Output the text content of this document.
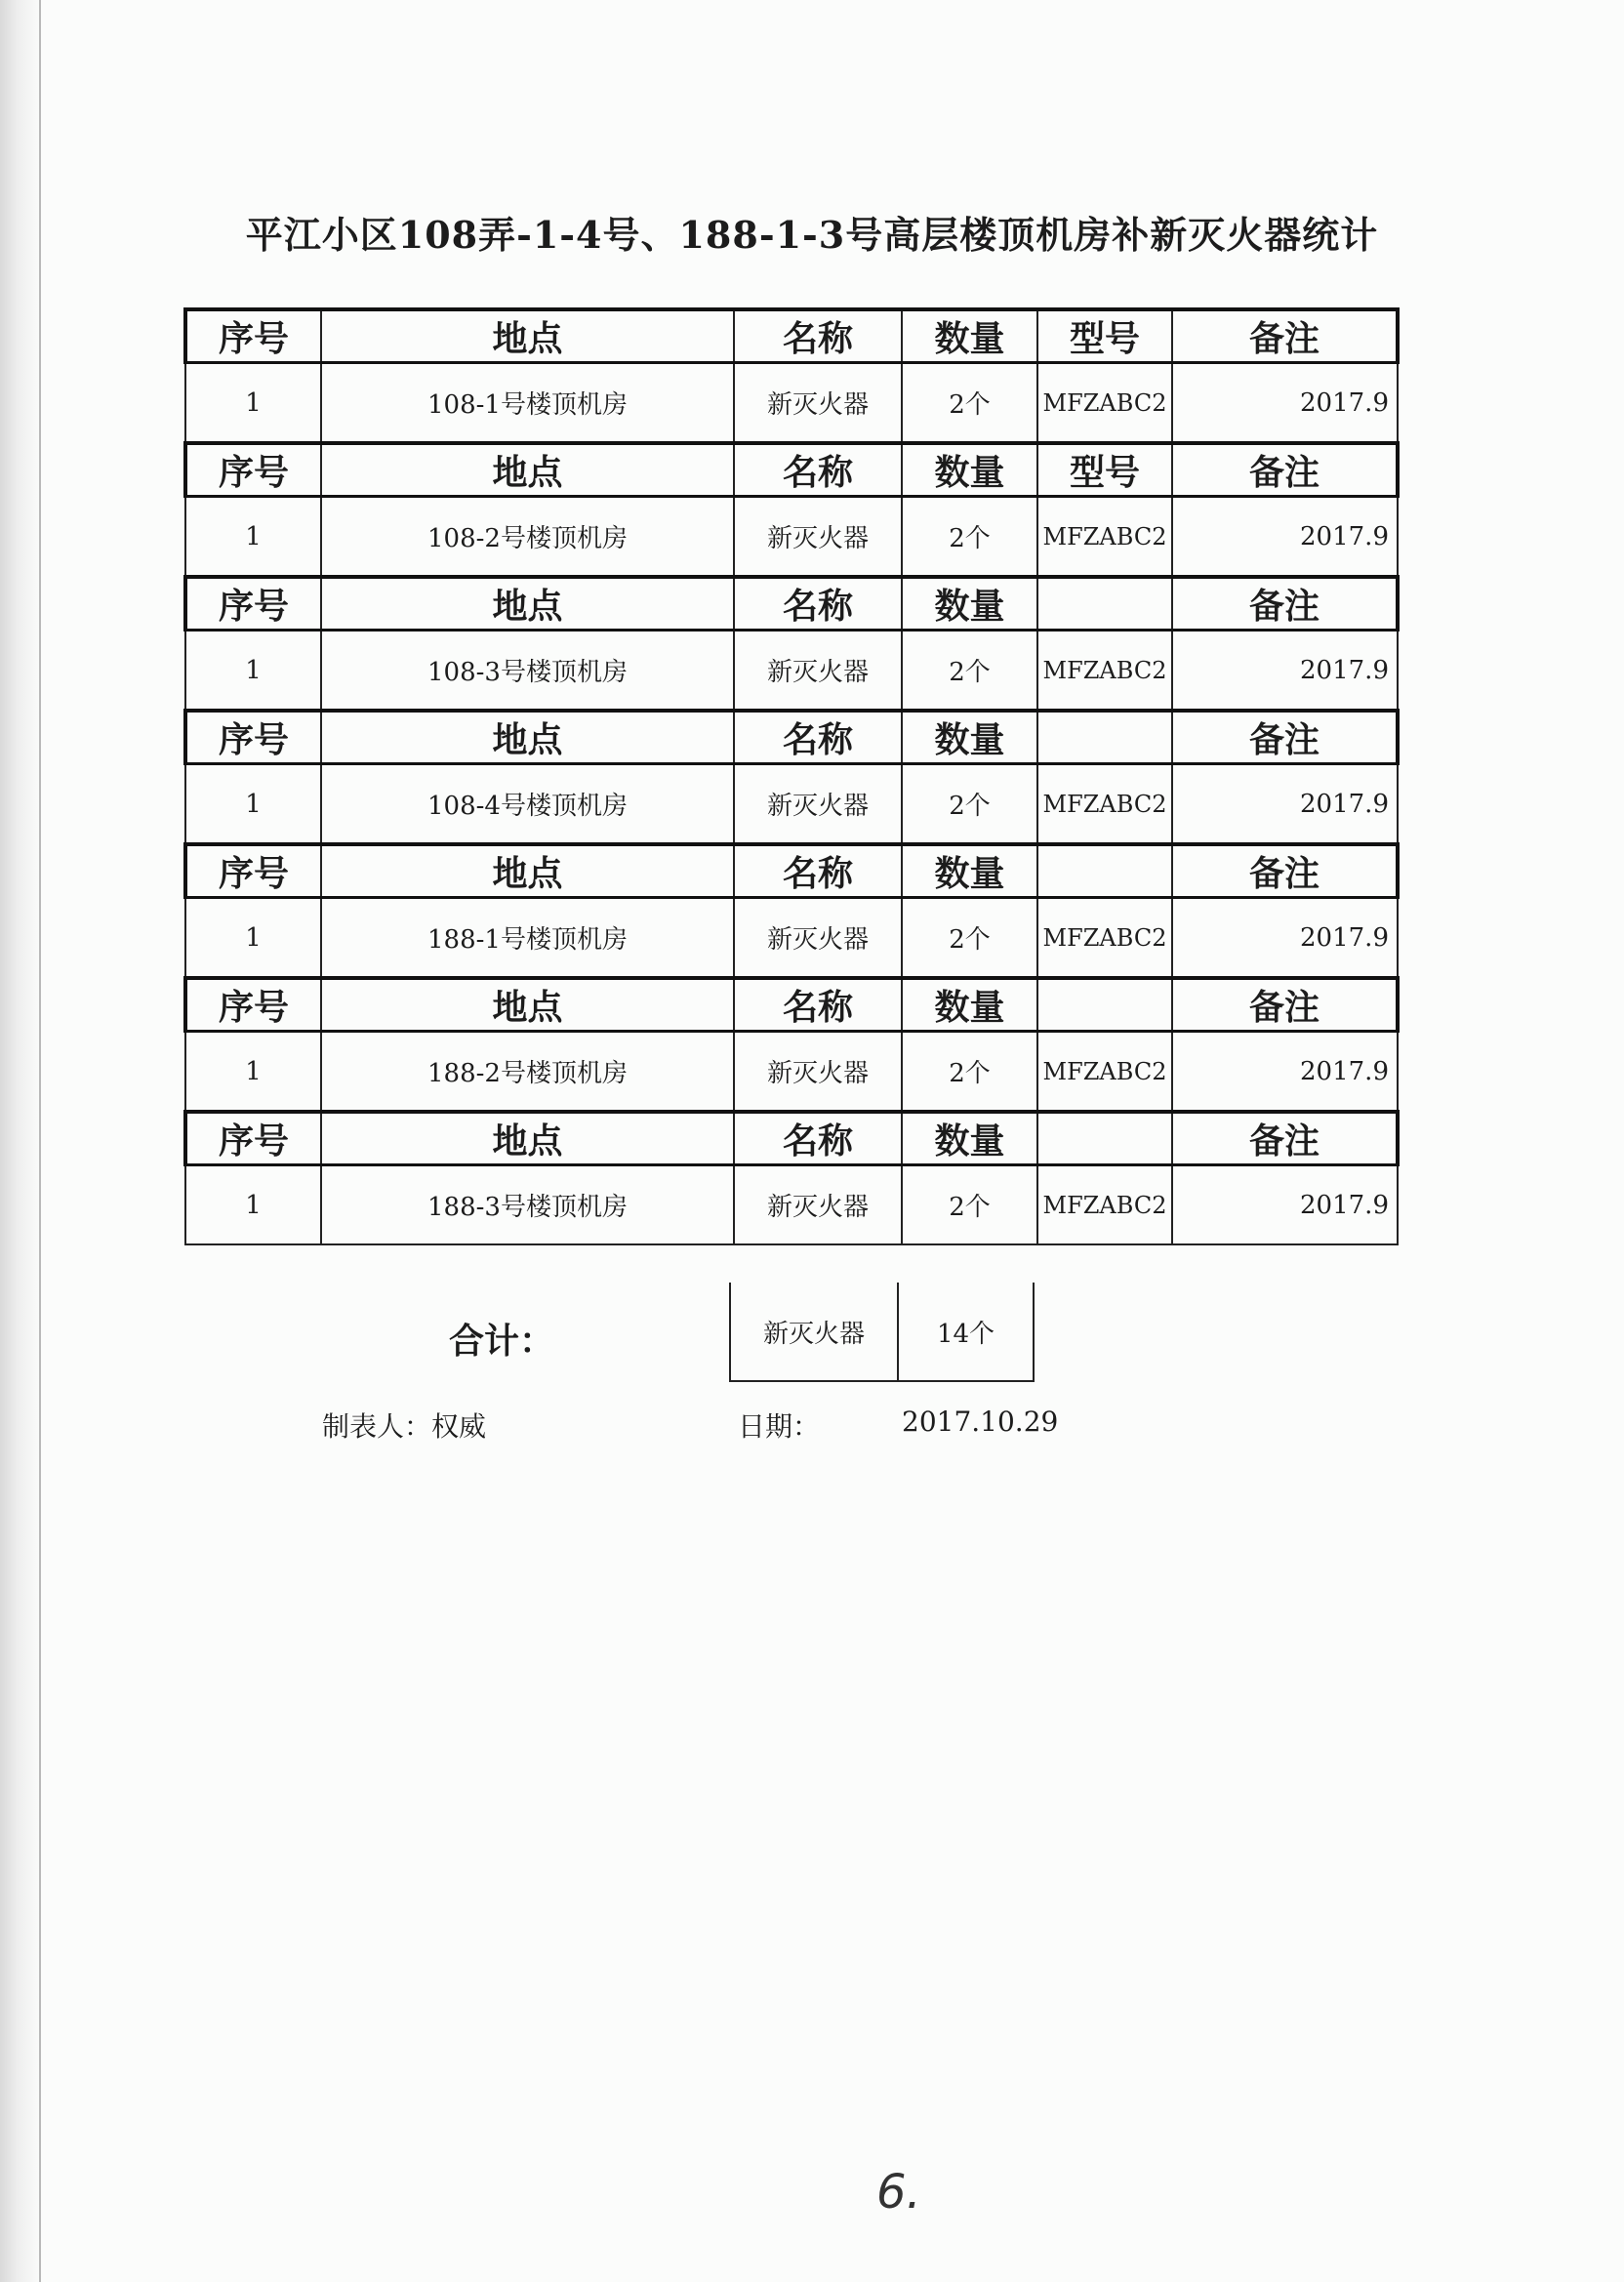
平江小区108弄-1-4号、188-1-3号高层楼顶机房补新灭火器统计
序号	地点	名称	数量	型号	备注
1	108-1号楼顶机房	新灭火器	2个	MFZABC2	2017.9
序号	地点	名称	数量	型号	备注
1	108-2号楼顶机房	新灭火器	2个	MFZABC2	2017.9
序号	地点	名称	数量		备注
1	108-3号楼顶机房	新灭火器	2个	MFZABC2	2017.9
序号	地点	名称	数量		备注
1	108-4号楼顶机房	新灭火器	2个	MFZABC2	2017.9
序号	地点	名称	数量		备注
1	188-1号楼顶机房	新灭火器	2个	MFZABC2	2017.9
序号	地点	名称	数量		备注
1	188-2号楼顶机房	新灭火器	2个	MFZABC2	2017.9
序号	地点	名称	数量		备注
1	188-3号楼顶机房	新灭火器	2个	MFZABC2	2017.9
合计：	新灭火器	14个
制表人：权威	日期：	2017.10.29
6.
